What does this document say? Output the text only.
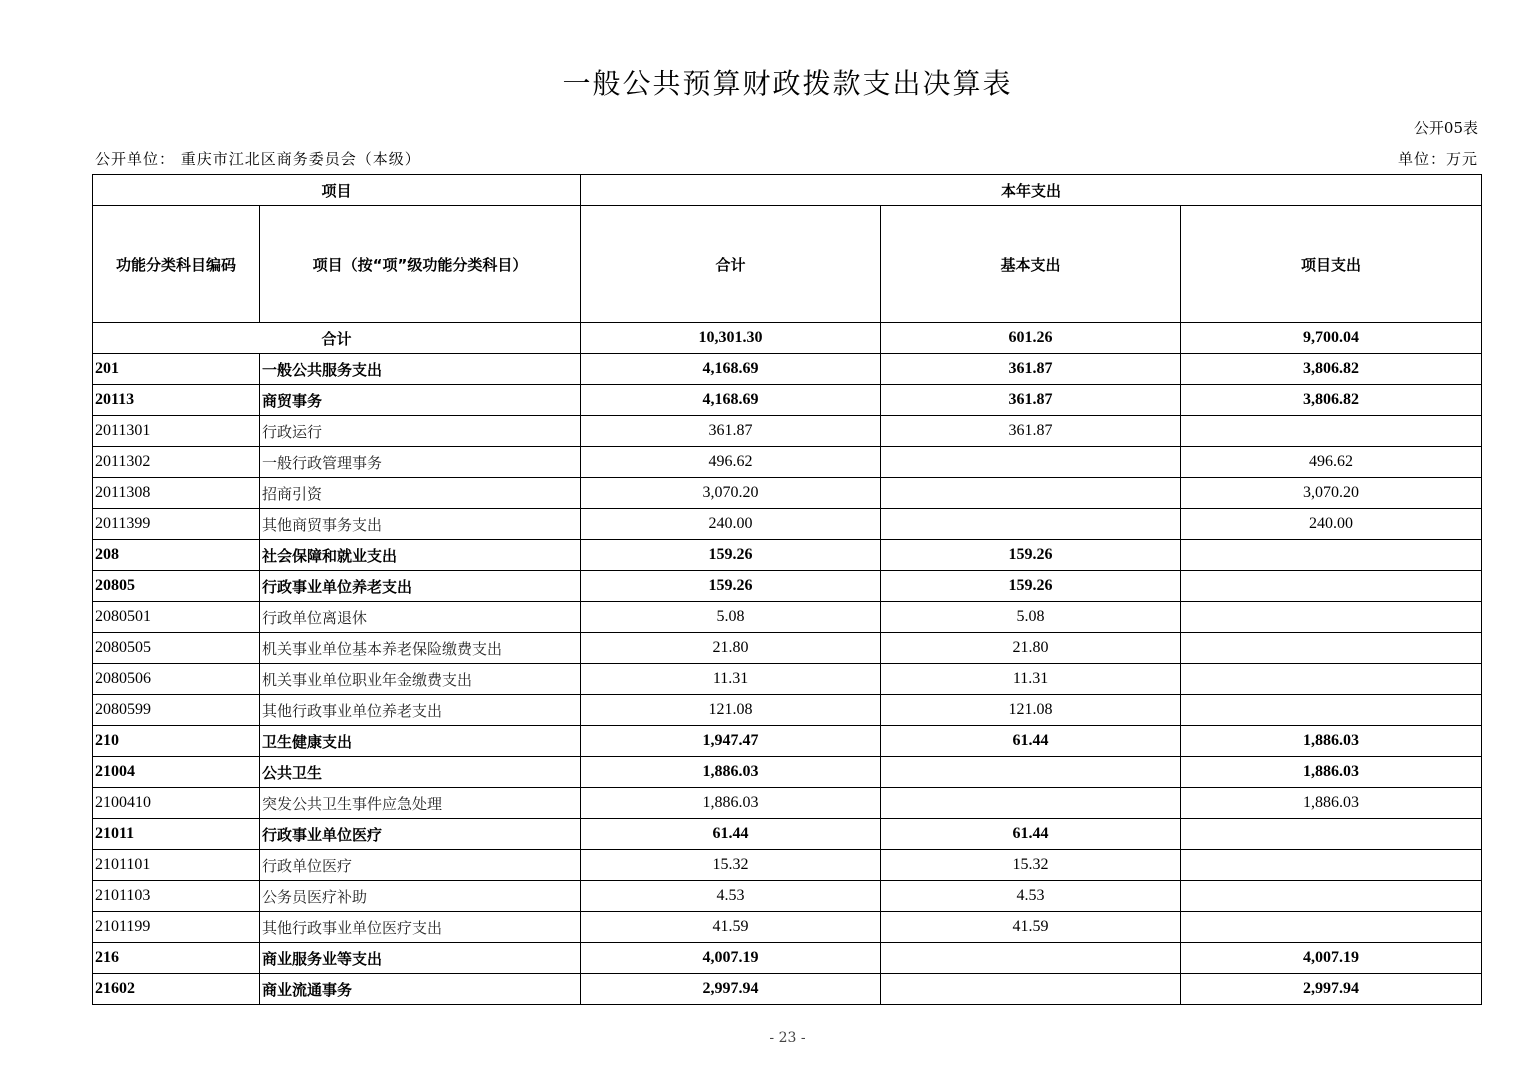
一般公共预算财政拨款支出决算表
公开05表
公开单位： 重庆市江北区商务委员会（本级）	单位：万元
项目		本年支出		
功能分类科目编码	项目（按“项”级功能分类科目）	合计	基本支出	项目支出
合计		10,301.30	601.26	9,700.04
201	一般公共服务支出	4,168.69	361.87	3,806.82
20113	商贸事务	4,168.69	361.87	3,806.82
2011301	行政运行	361.87	361.87	
2011302	一般行政管理事务	496.62		496.62
2011308	招商引资	3,070.20		3,070.20
2011399	其他商贸事务支出	240.00		240.00
208	社会保障和就业支出	159.26	159.26	
20805	行政事业单位养老支出	159.26	159.26	
2080501	行政单位离退休	5.08	5.08	
2080505	机关事业单位基本养老保险缴费支出	21.80	21.80	
2080506	机关事业单位职业年金缴费支出	11.31	11.31	
2080599	其他行政事业单位养老支出	121.08	121.08	
210	卫生健康支出	1,947.47	61.44	1,886.03
21004	公共卫生	1,886.03		1,886.03
2100410	突发公共卫生事件应急处理	1,886.03		1,886.03
21011	行政事业单位医疗	61.44	61.44	
2101101	行政单位医疗	15.32	15.32	
2101103	公务员医疗补助	4.53	4.53	
2101199	其他行政事业单位医疗支出	41.59	41.59	
216	商业服务业等支出	4,007.19		4,007.19
21602	商业流通事务	2,997.94		2,997.94
- 23 -
